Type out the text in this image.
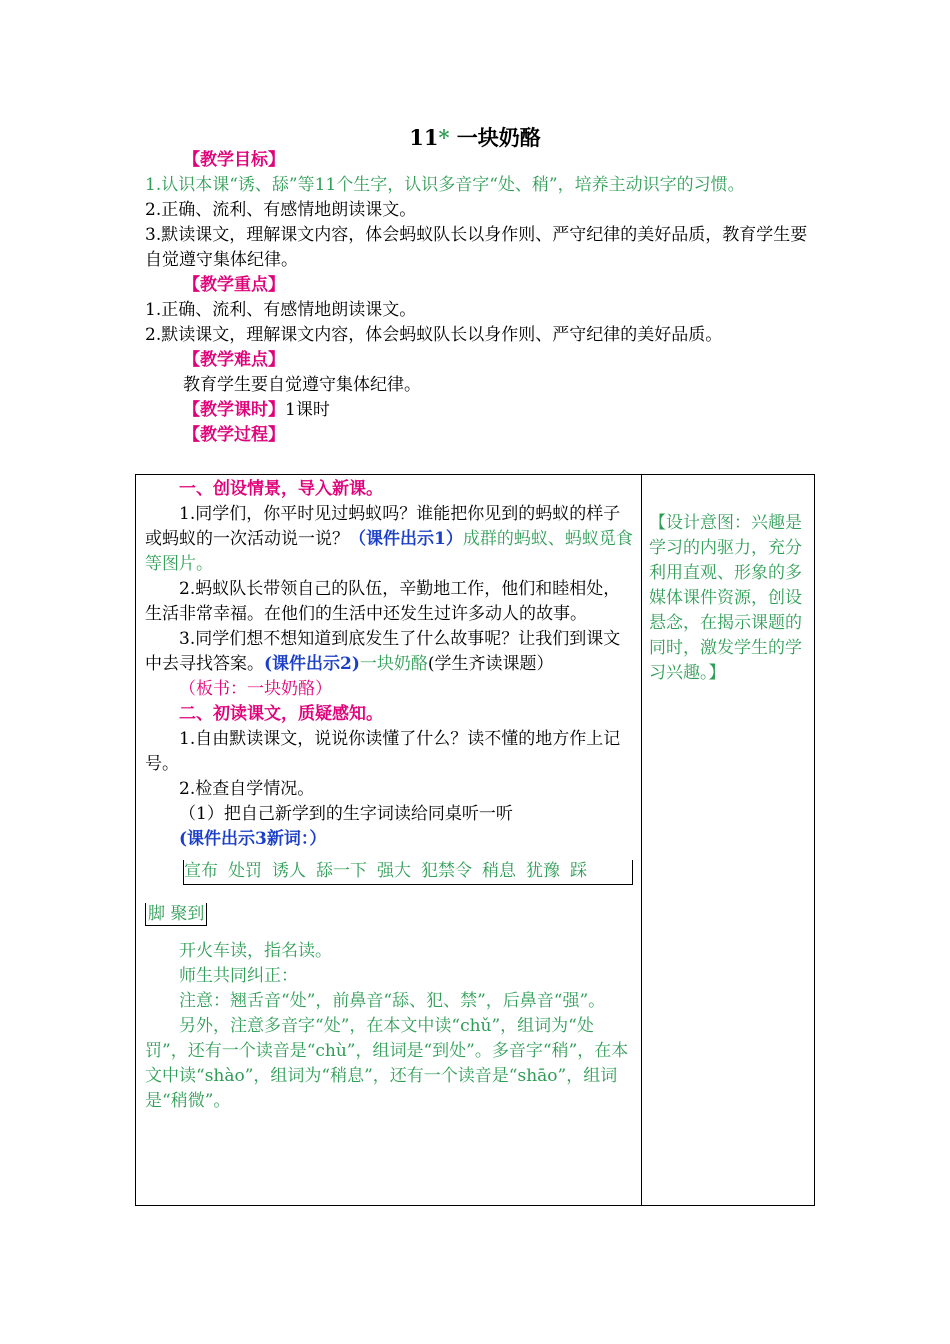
11* 一块奶酪

【教学目标】

1.认识本课“诱、舔”等11个生字，认识多音字“处、稍”，培养主动识字的习惯。

2.正确、流利、有感情地朗读课文。

3.默读课文，理解课文内容，体会蚂蚁队长以身作则、严守纪律的美好品质，教育学生要自觉遵守集体纪律。

【教学重点】

1.正确、流利、有感情地朗读课文。

2.默读课文，理解课文内容，体会蚂蚁队长以身作则、严守纪律的美好品质。

【教学难点】

教育学生要自觉遵守集体纪律。

【教学课时】1课时

【教学过程】

一、创设情景，导入新课。

1.同学们，你平时见过蚂蚁吗？谁能把你见到的蚂蚁的样子或蚂蚁的一次活动说一说？（课件出示1）成群的蚂蚁、蚂蚁觅食等图片。

2.蚂蚁队长带领自己的队伍，辛勤地工作，他们和睦相处，生活非常幸福。在他们的生活中还发生过许多动人的故事。

3.同学们想不想知道到底发生了什么故事呢？让我们到课文中去寻找答案。(课件出示2)一块奶酪(学生齐读课题）

（板书：一块奶酪）

二、初读课文，质疑感知。

1.自由默读课文，说说你读懂了什么？读不懂的地方作上记号。

2.检查自学情况。

（1）把自己新学到的生字词读给同桌听一听

(课件出示3新词：）

宣布 处罚 诱人 舔一下 强大 犯禁令 稍息 犹豫 踩
脚 聚到

开火车读，指名读。

师生共同纠正：

注意：翘舌音“处”，前鼻音“舔、犯、禁”，后鼻音“强”。

另外，注意多音字“处”，在本文中读“chǔ”，组词为“处罚”，还有一个读音是“chù”，组词是“到处”。多音字“稍”，在本文中读“shào”，组词为“稍息”，还有一个读音是“shāo”，组词是“稍微”。

【设计意图：兴趣是学习的内驱力，充分利用直观、形象的多媒体课件资源，创设悬念，在揭示课题的同时，激发学生的学习兴趣。】
